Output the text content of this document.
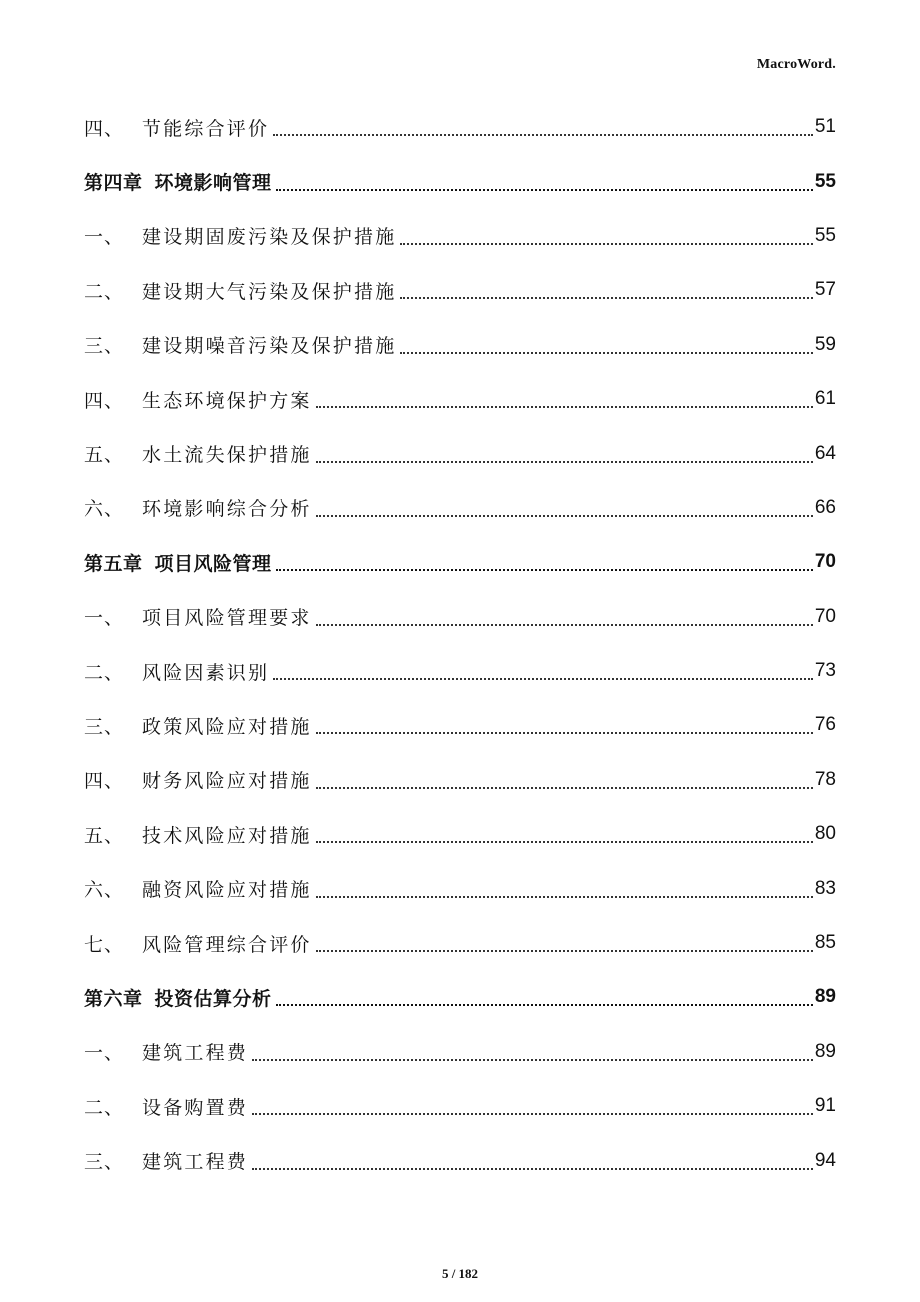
MacroWord.
四、 节能综合评价	51
第四章 环境影响管理	55
一、 建设期固废污染及保护措施	55
二、 建设期大气污染及保护措施	57
三、 建设期噪音污染及保护措施	59
四、 生态环境保护方案	61
五、 水土流失保护措施	64
六、 环境影响综合分析	66
第五章 项目风险管理	70
一、 项目风险管理要求	70
二、 风险因素识别	73
三、 政策风险应对措施	76
四、 财务风险应对措施	78
五、 技术风险应对措施	80
六、 融资风险应对措施	83
七、 风险管理综合评价	85
第六章 投资估算分析	89
一、 建筑工程费	89
二、 设备购置费	91
三、 建筑工程费	94
5 / 182
